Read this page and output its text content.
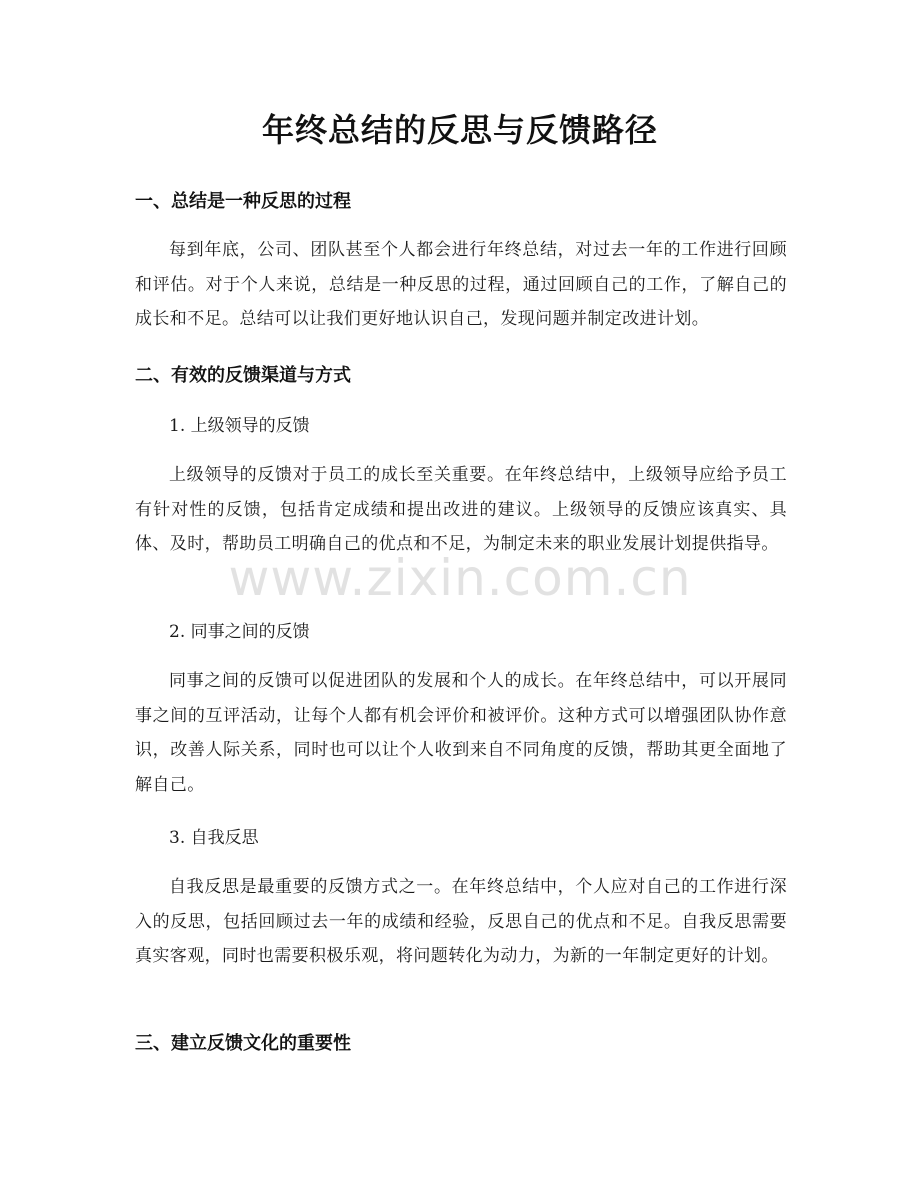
年终总结的反思与反馈路径
一、总结是一种反思的过程
每到年底，公司、团队甚至个人都会进行年终总结，对过去一年的工作进行回顾和评估。对于个人来说，总结是一种反思的过程，通过回顾自己的工作，了解自己的成长和不足。总结可以让我们更好地认识自己，发现问题并制定改进计划。
二、有效的反馈渠道与方式
1. 上级领导的反馈
上级领导的反馈对于员工的成长至关重要。在年终总结中，上级领导应给予员工有针对性的反馈，包括肯定成绩和提出改进的建议。上级领导的反馈应该真实、具体、及时，帮助员工明确自己的优点和不足，为制定未来的职业发展计划提供指导。
2. 同事之间的反馈
同事之间的反馈可以促进团队的发展和个人的成长。在年终总结中，可以开展同事之间的互评活动，让每个人都有机会评价和被评价。这种方式可以增强团队协作意识，改善人际关系，同时也可以让个人收到来自不同角度的反馈，帮助其更全面地了解自己。
3. 自我反思
自我反思是最重要的反馈方式之一。在年终总结中，个人应对自己的工作进行深入的反思，包括回顾过去一年的成绩和经验，反思自己的优点和不足。自我反思需要真实客观，同时也需要积极乐观，将问题转化为动力，为新的一年制定更好的计划。
三、建立反馈文化的重要性
www.zixin.com.cn
